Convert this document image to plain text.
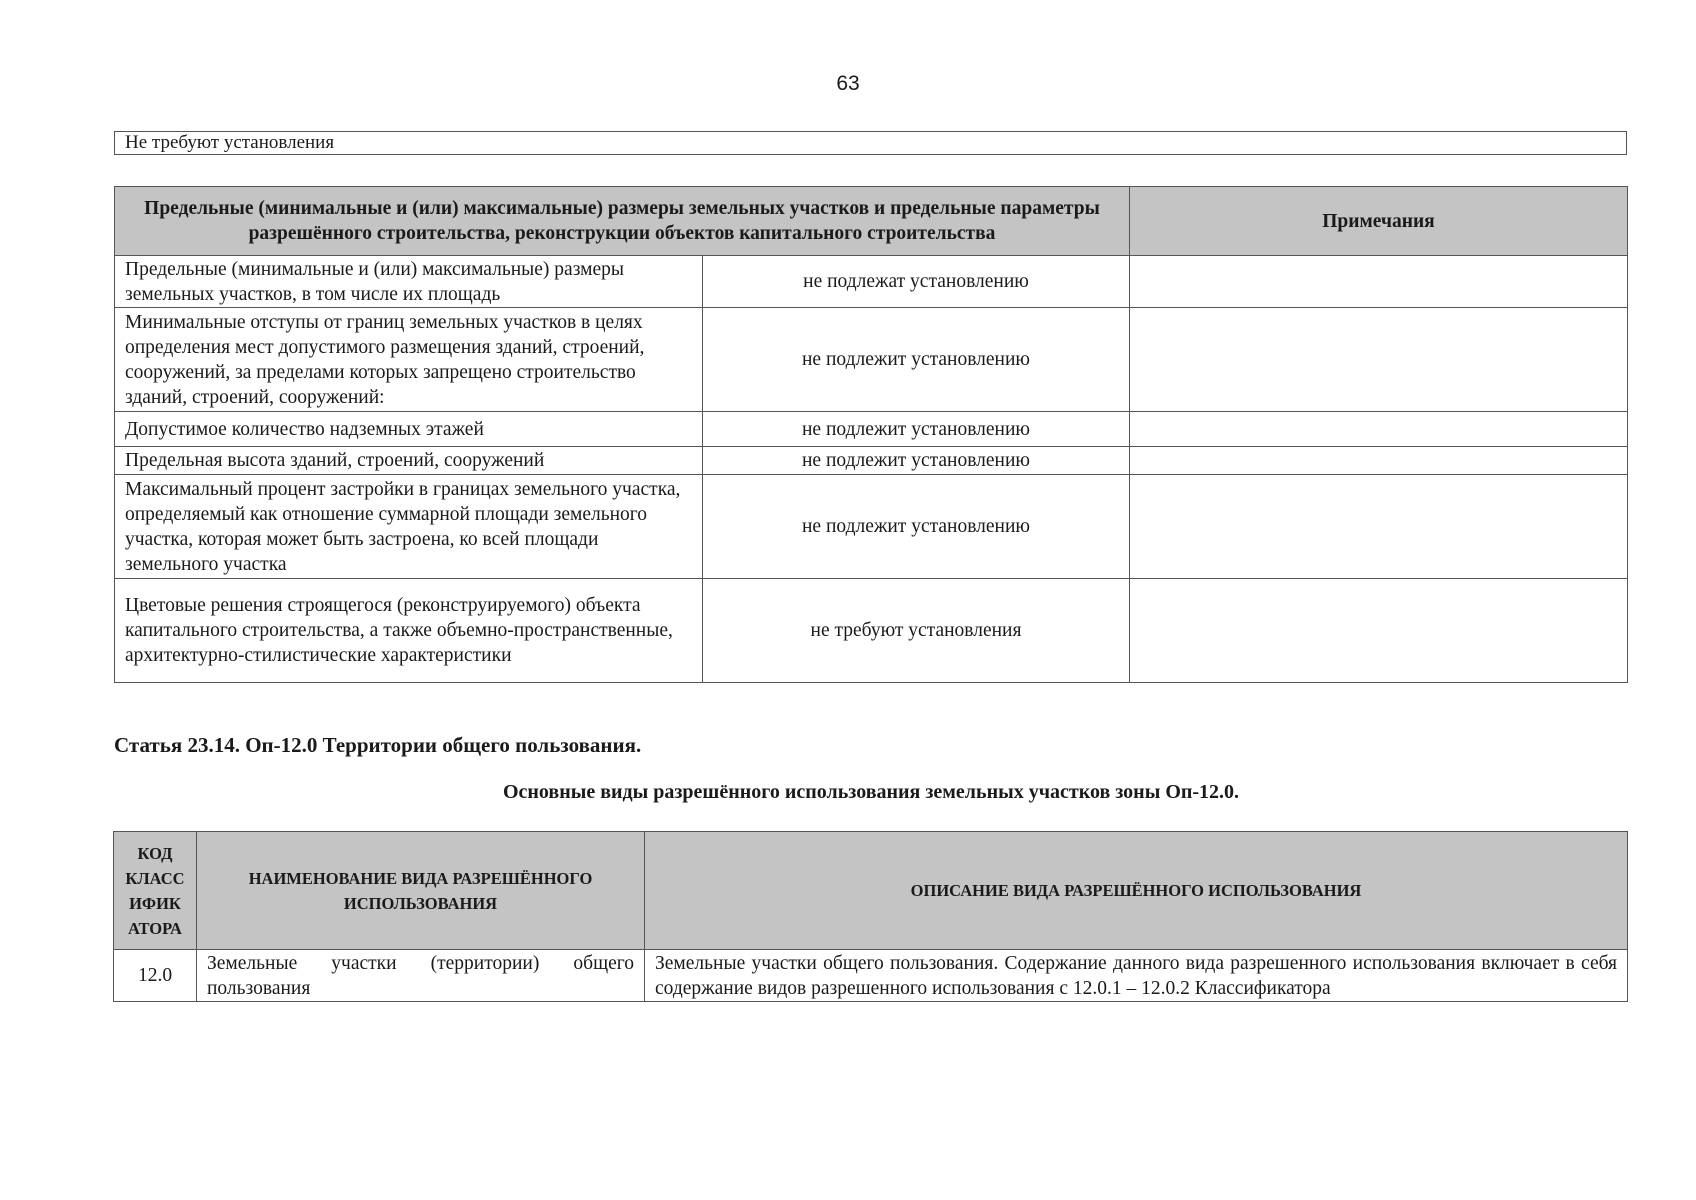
63
Не требуют установления
Предельные (минимальные и (или) максимальные) размеры земельных участков и предельные параметры разрешённого строительства, реконструкции объектов капитального строительства		Примечания
Предельные (минимальные и (или) максимальные) размеры земельных участков, в том числе их площадь	не подлежат установлению	
Минимальные отступы от границ земельных участков в целях определения мест допустимого размещения зданий, строений, сооружений, за пределами которых запрещено строительство зданий, строений, сооружений:	не подлежит установлению	
Допустимое количество надземных этажей	не подлежит установлению	
Предельная высота зданий, строений, сооружений	не подлежит установлению	
Максимальный процент застройки в границах земельного участка, определяемый как отношение суммарной площади земельного участка, которая может быть застроена, ко всей площади земельного участка	не подлежит установлению	
Цветовые решения строящегося (реконструируемого) объекта капитального строительства, а также объемно-пространственные, архитектурно-стилистические характеристики	не требуют установления	
Статья 23.14. Оп-12.0 Территории общего пользования.
Основные виды разрешённого использования земельных участков зоны Оп-12.0.
КОД КЛАСС ИФИК АТОРА	НАИМЕНОВАНИЕ ВИДА РАЗРЕШЁННОГО ИСПОЛЬЗОВАНИЯ	ОПИСАНИЕ ВИДА РАЗРЕШЁННОГО ИСПОЛЬЗОВАНИЯ
12.0	Земельные участки (территории) общего пользования	Земельные участки общего пользования. Содержание данного вида разрешенного использования включает в себя содержание видов разрешенного использования с 12.0.1 – 12.0.2 Классификатора
